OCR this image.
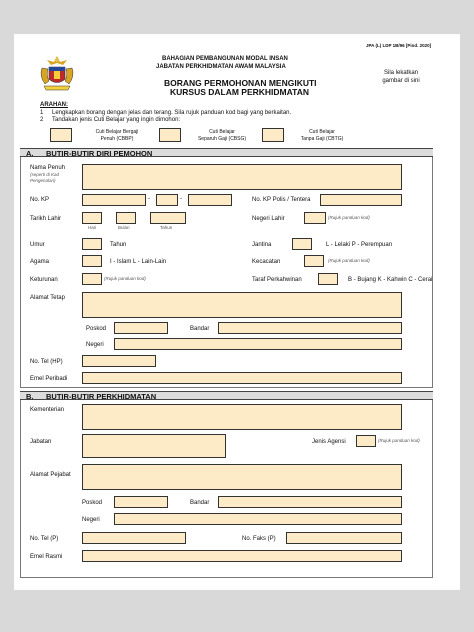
JPA (L) LDP 1B/96 [Pind. 2020]
BAHAGIAN PEMBANGUNAN MODAL INSAN
JABATAN PERKHIDMATAN AWAM MALAYSIA
BORANG PERMOHONAN MENGIKUTI
KURSUS DALAM PERKHIDMATAN
Sila lekatkan
gambar di sini
ARAHAN:
1 Lengkapkan borang dengan jelas dan terang. Sila rujuk panduan kod bagi yang berkaitan.
2 Tandakan jenis Cuti Belajar yang ingin dimohon:
Cuti Belajar Bergaji
Penuh (CBBP)
Cuti Belajar
Separuh Gaji (CBSG)
Cuti Belajar
Tanpa Gaji (CBTG)
A. BUTIR-BUTIR DIRI PEMOHON
Nama Penuh
(seperti di Kad
Pengenalan)
No. KP	-	-	No. KP Polis / Tentera
Tarikh Lahir
Hari	Bulan	Tahun
Negeri Lahir	(Rujuk panduan kod)
Umur	Tahun	Jantina	L - Lelaki P - Perempuan
Agama	I - Islam L - Lain-Lain	Kecacatan	(Rujuk panduan kod)
Keturunan	(Rujuk panduan kod)	Taraf Perkahwinan	B - Bujang K - Kahwin C - Cerai
Alamat Tetap
Poskod	Bandar
Negeri
No. Tel (HP)
Emel Peribadi
B. BUTIR-BUTIR PERKHIDMATAN
Kementerian
Jabatan	Jenis Agensi	(Rujuk panduan kod)
Alamat Pejabat
Poskod	Bandar
Negeri
No. Tel (P)	No. Faks (P)
Emel Rasmi
